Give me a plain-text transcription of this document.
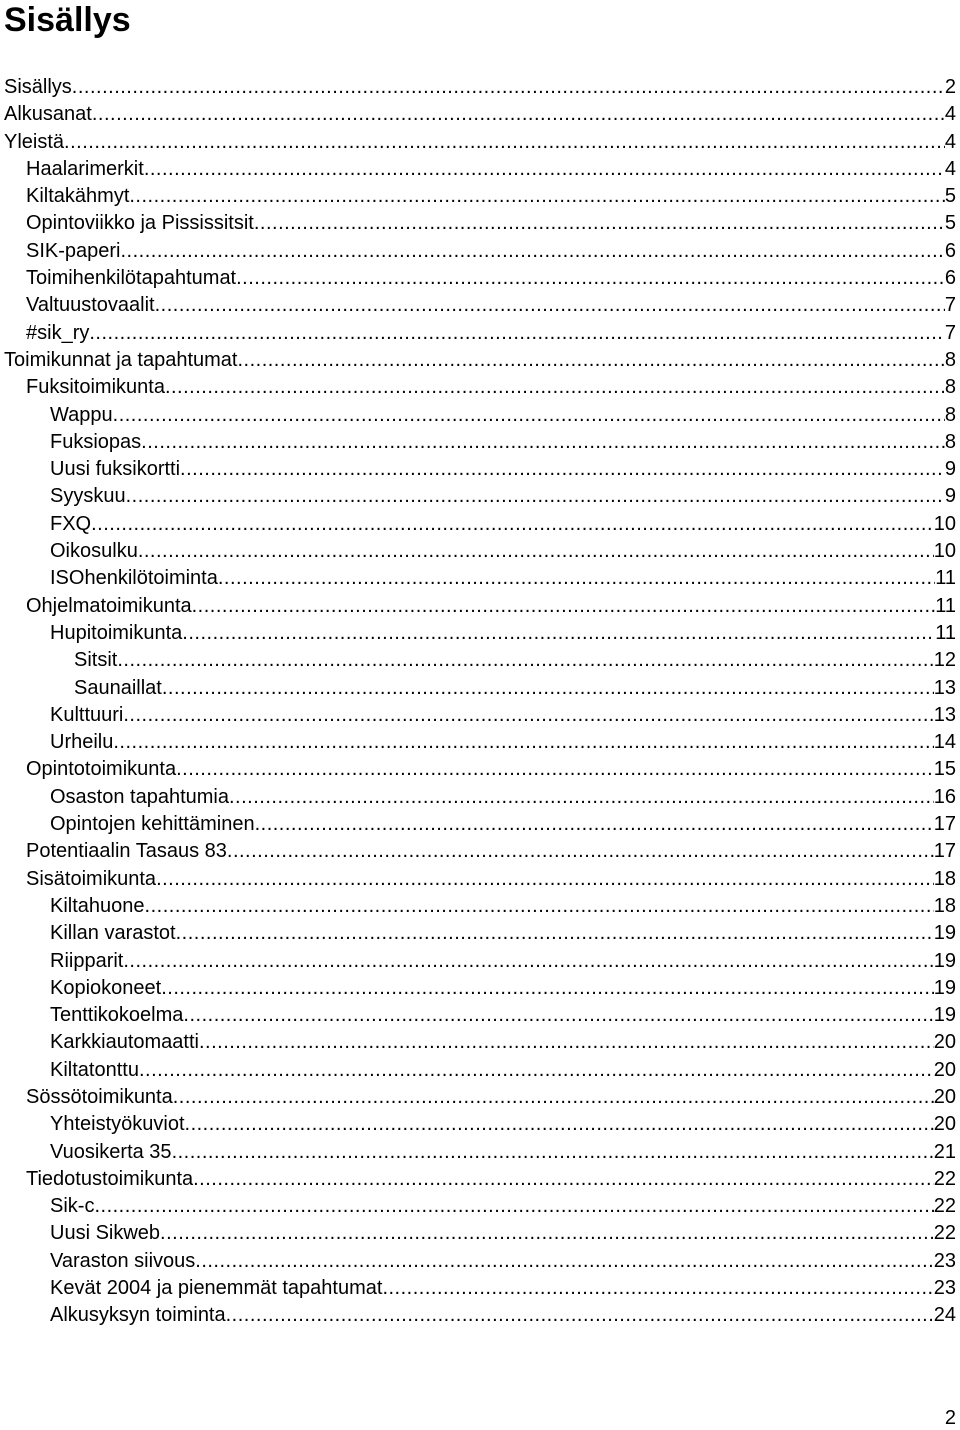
Sisällys
Sisällys .....	2
Alkusanat .....	4
Yleistä .....	4
Haalarimerkit .....	4
Kiltakähmyt .....	5
Opintoviikko ja Pississitsit .....	5
SIK-paperi .....	6
Toimihenkilötapahtumat .....	6
Valtuustovaalit .....	7
#sik_ry .....	7
Toimikunnat ja tapahtumat .....	8
Fuksitoimikunta .....	8
Wappu .....	8
Fuksiopas .....	8
Uusi fuksikortti .....	9
Syyskuu .....	9
FXQ .....	10
Oikosulku .....	10
ISOhenkilötoiminta .....	11
Ohjelmatoimikunta .....	11
Hupitoimikunta .....	11
Sitsit .....	12
Saunaillat .....	13
Kulttuuri .....	13
Urheilu .....	14
Opintotoimikunta .....	15
Osaston tapahtumia .....	16
Opintojen kehittäminen .....	17
Potentiaalin Tasaus 83 .....	17
Sisätoimikunta .....	18
Kiltahuone .....	18
Killan varastot .....	19
Riipparit .....	19
Kopiokoneet .....	19
Tenttikokoelma .....	19
Karkkiautomaatti .....	20
Kiltatonttu .....	20
Sössötoimikunta .....	20
Yhteistyökuviot .....	20
Vuosikerta 35 .....	21
Tiedotustoimikunta .....	22
Sik-c .....	22
Uusi Sikweb .....	22
Varaston siivous .....	23
Kevät 2004 ja pienemmät tapahtumat .....	23
Alkusyksyn toiminta .....	24
2
